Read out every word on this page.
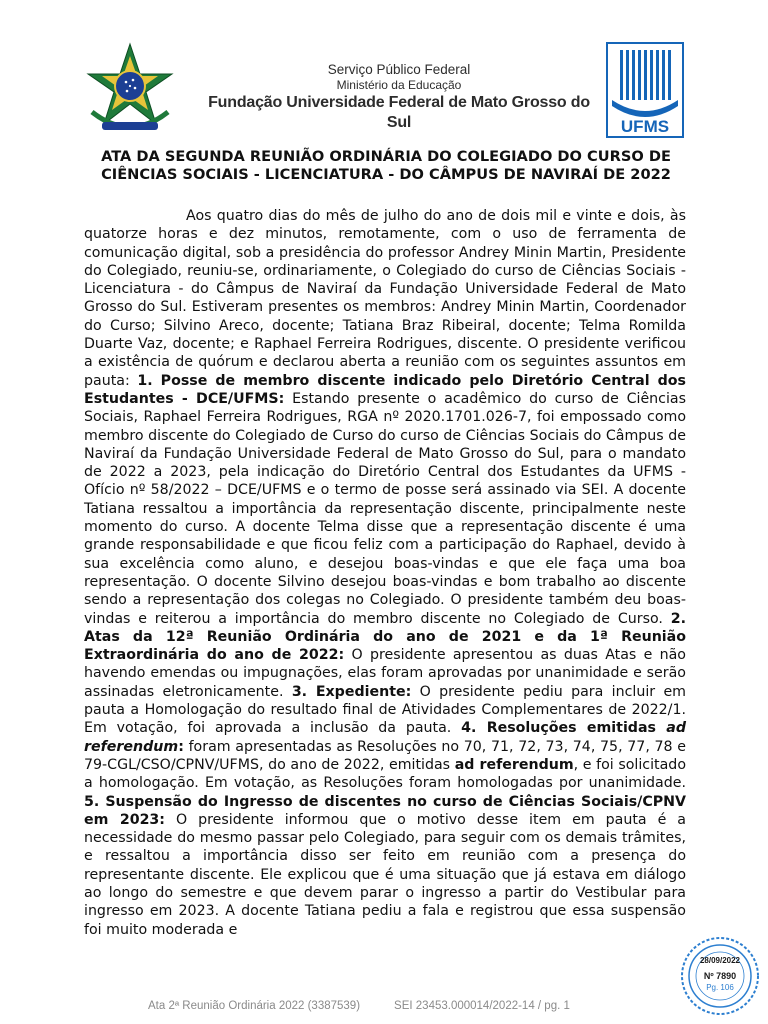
Serviço Público Federal
Ministério da Educação
Fundação Universidade Federal de Mato Grosso do Sul	UFMS
ATA DA SEGUNDA REUNIÃO ORDINÁRIA DO COLEGIADO DO CURSO DE CIÊNCIAS SOCIAIS - LICENCIATURA - DO CÂMPUS DE NAVIRAÍ DE 2022

Aos quatro dias do mês de julho do ano de dois mil e vinte e dois, às quatorze horas e dez minutos, remotamente, com o uso de ferramenta de comunicação digital, sob a presidência do professor Andrey Minin Martin, Presidente do Colegiado, reuniu-se, ordinariamente, o Colegiado do curso de Ciências Sociais - Licenciatura - do Câmpus de Naviraí da Fundação Universidade Federal de Mato Grosso do Sul. Estiveram presentes os membros: Andrey Minin Martin, Coordenador do Curso; Silvino Areco, docente; Tatiana Braz Ribeiral, docente; Telma Romilda Duarte Vaz, docente; e Raphael Ferreira Rodrigues, discente. O presidente verificou a existência de quórum e declarou aberta a reunião com os seguintes assuntos em pauta: 1. Posse de membro discente indicado pelo Diretório Central dos Estudantes - DCE/UFMS: Estando presente o acadêmico do curso de Ciências Sociais, Raphael Ferreira Rodrigues, RGA nº 2020.1701.026-7, foi empossado como membro discente do Colegiado de Curso do curso de Ciências Sociais do Câmpus de Naviraí da Fundação Universidade Federal de Mato Grosso do Sul, para o mandato de 2022 a 2023, pela indicação do Diretório Central dos Estudantes da UFMS - Ofício nº 58/2022 – DCE/UFMS e o termo de posse será assinado via SEI. A docente Tatiana ressaltou a importância da representação discente, principalmente neste momento do curso. A docente Telma disse que a representação discente é uma grande responsabilidade e que ficou feliz com a participação do Raphael, devido à sua excelência como aluno, e desejou boas-vindas e que ele faça uma boa representação. O docente Silvino desejou boas-vindas e bom trabalho ao discente sendo a representação dos colegas no Colegiado. O presidente também deu boas-vindas e reiterou a importância do membro discente no Colegiado de Curso. 2. Atas da 12ª Reunião Ordinária do ano de 2021 e da 1ª Reunião Extraordinária do ano de 2022: O presidente apresentou as duas Atas e não havendo emendas ou impugnações, elas foram aprovadas por unanimidade e serão assinadas eletronicamente. 3. Expediente: O presidente pediu para incluir em pauta a Homologação do resultado final de Atividades Complementares de 2022/1. Em votação, foi aprovada a inclusão da pauta. 4. Resoluções emitidas ad referendum: foram apresentadas as Resoluções no 70, 71, 72, 73, 74, 75, 77, 78 e 79-CGL/CSO/CPNV/UFMS, do ano de 2022, emitidas ad referendum, e foi solicitado a homologação. Em votação, as Resoluções foram homologadas por unanimidade. 5. Suspensão do Ingresso de discentes no curso de Ciências Sociais/CPNV em 2023: O presidente informou que o motivo desse item em pauta é a necessidade do mesmo passar pelo Colegiado, para seguir com os demais trâmites, e ressaltou a importância disso ser feito em reunião com a presença do representante discente. Ele explicou que é uma situação que já estava em diálogo ao longo do semestre e que devem parar o ingresso a partir do Vestibular para ingresso em 2023. A docente Tatiana pediu a fala e registrou que essa suspensão foi muito moderada e

Ata 2ª Reunião Ordinária 2022 (3387539)	SEI 23453.000014/2022-14 / pg. 1
28/09/2022
Nº 7890
Pg. 106
